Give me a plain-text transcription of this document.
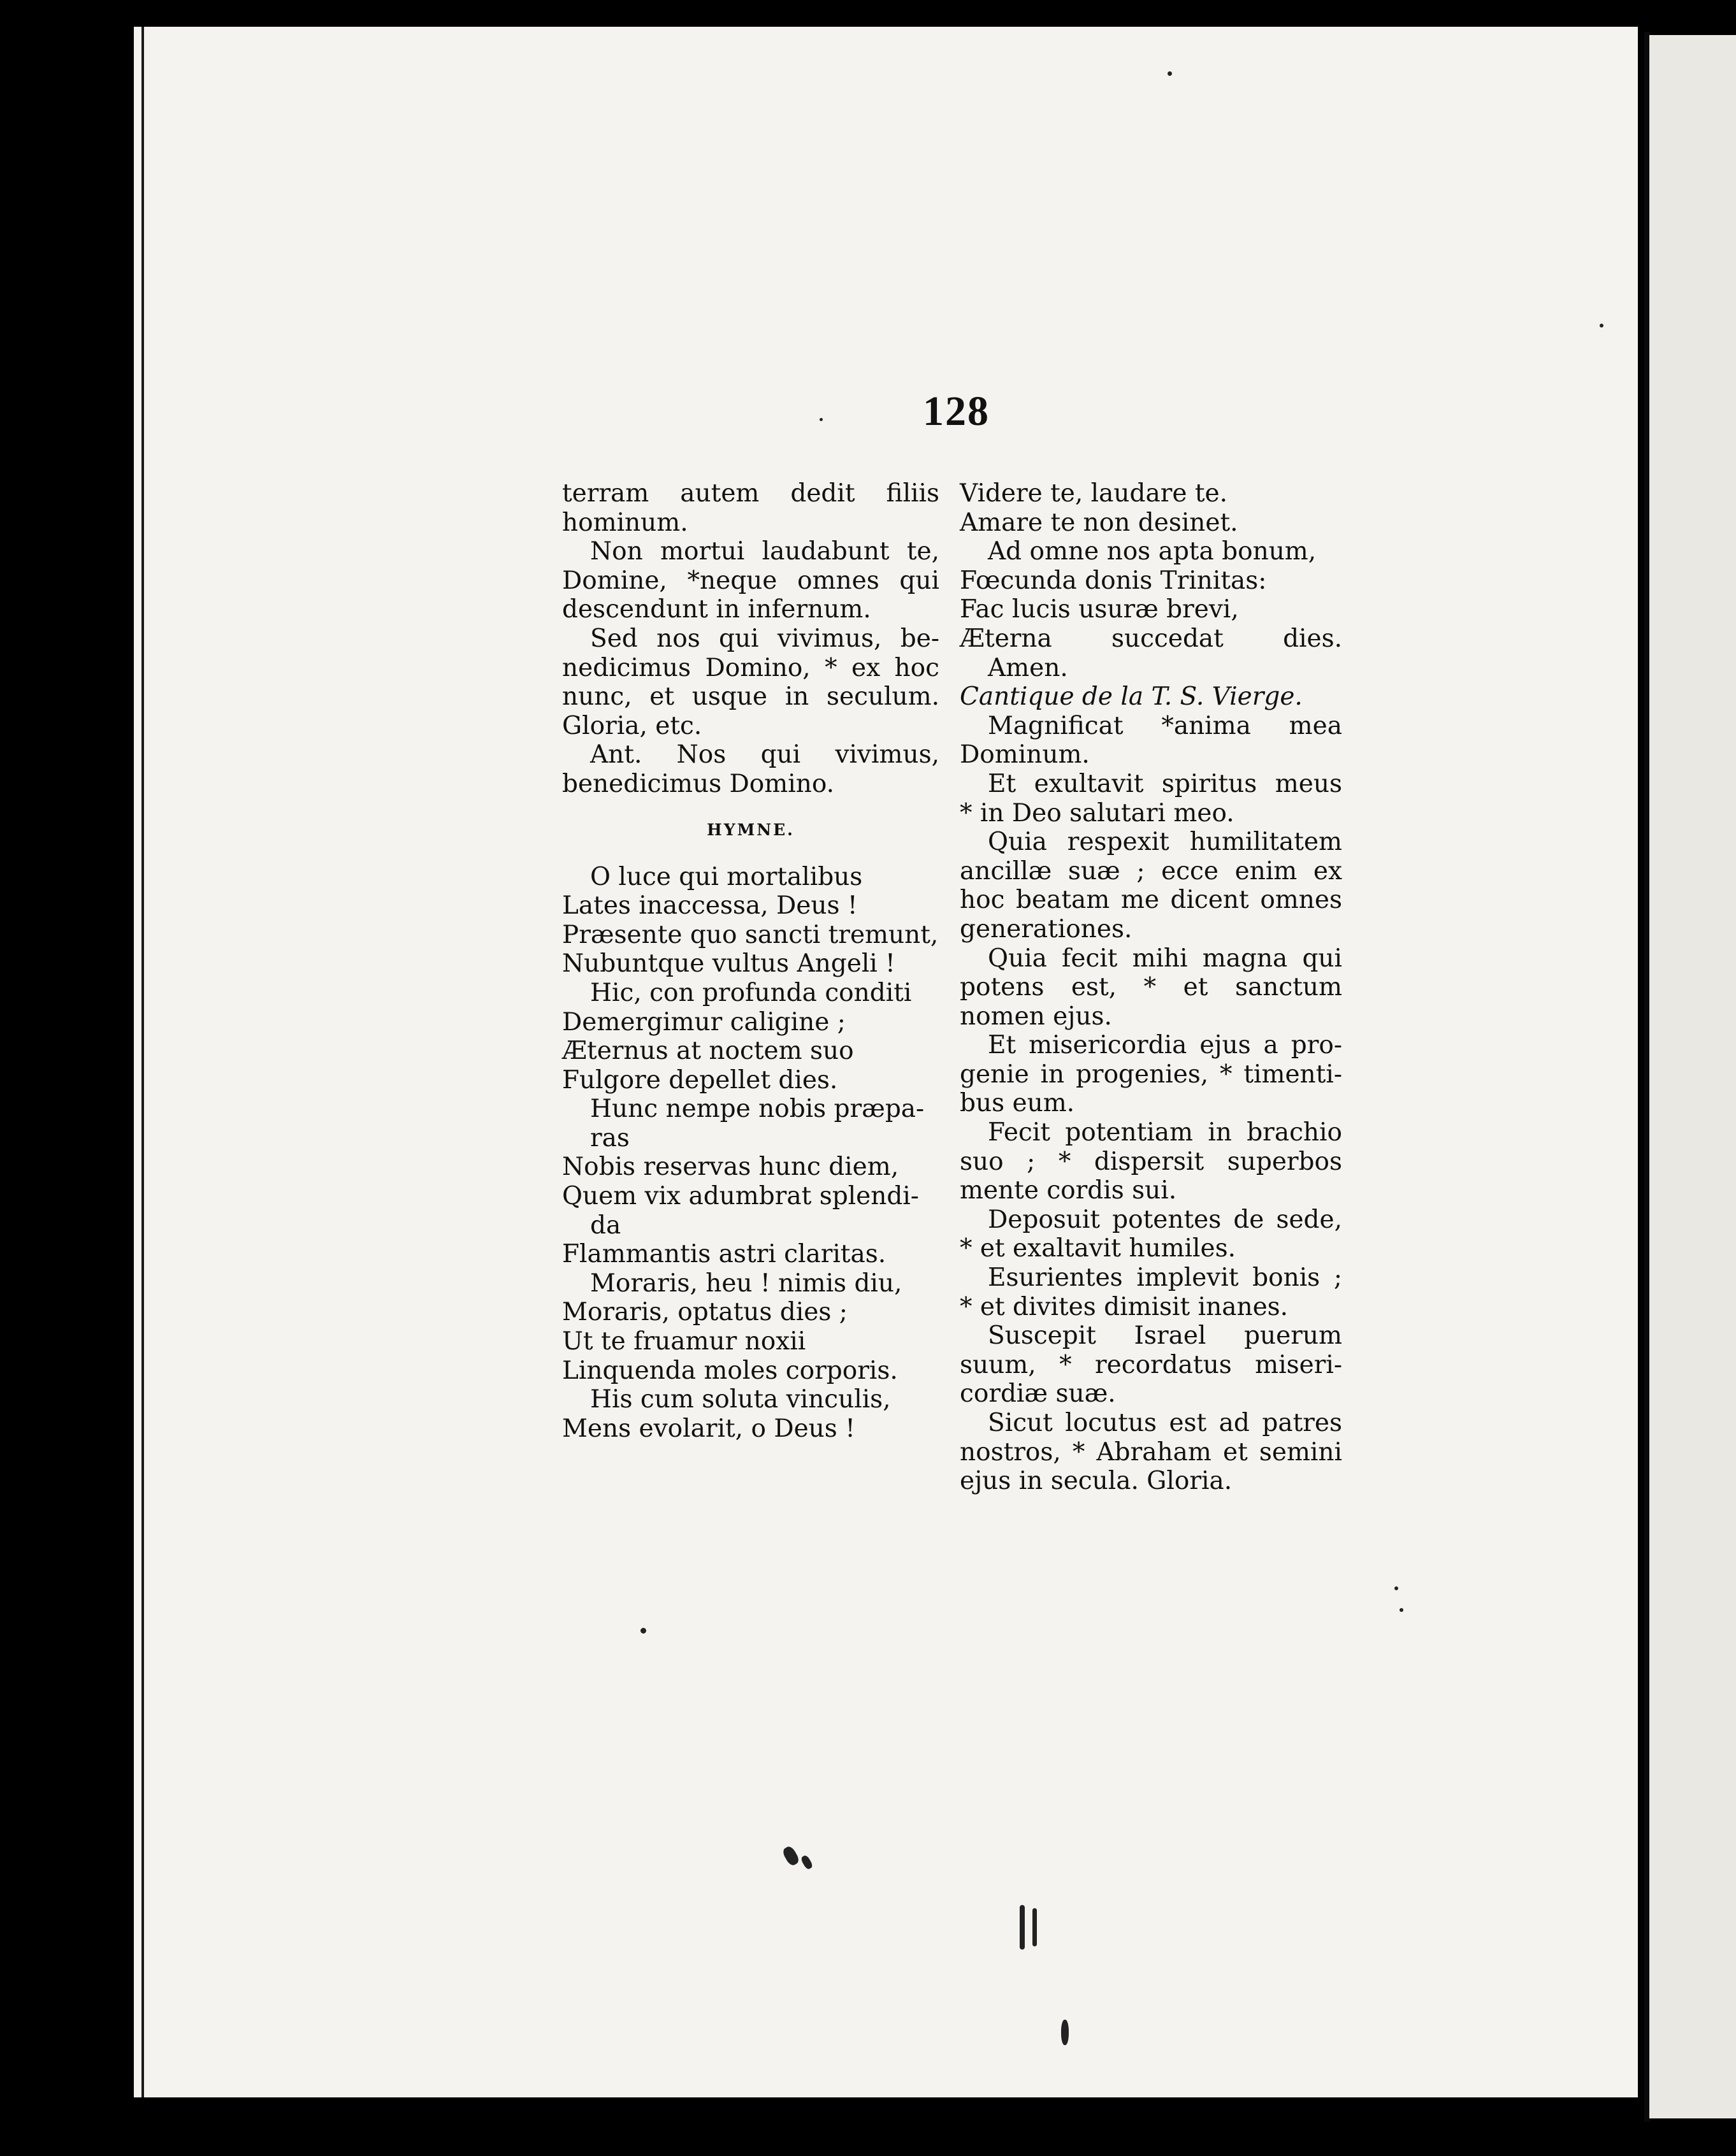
128
terram autem dedit filiis
hominum.
Non mortui laudabunt te,
Domine, *neque omnes qui
descendunt in infernum.
Sed nos qui vivimus, be-
nedicimus Domino, * ex hoc
nunc, et usque in seculum.
Gloria, etc.
Ant. Nos qui vivimus,
benedicimus Domino.
HYMNE.
O luce qui mortalibus
Lates inaccessa, Deus !
Præsente quo sancti tremunt,
Nubuntque vultus Angeli !
Hic, con profunda conditi
Demergimur caligine ;
Æternus at noctem suo
Fulgore depellet dies.
Hunc nempe nobis præpa-
ras
Nobis reservas hunc diem,
Quem vix adumbrat splendi-
da
Flammantis astri claritas.
Moraris, heu ! nimis diu,
Moraris, optatus dies ;
Ut te fruamur noxii
Linquenda moles corporis.
His cum soluta vinculis,
Mens evolarit, o Deus !
Videre te, laudare te.
Amare te non desinet.
Ad omne nos apta bonum,
Fœcunda donis Trinitas:
Fac lucis usuræ brevi,
Æterna succedat dies.
Amen.
Cantique de la T. S. Vierge.
Magnificat *anima mea
Dominum.
Et exultavit spiritus meus
* in Deo salutari meo.
Quia respexit humilitatem
ancillæ suæ ; ecce enim ex
hoc beatam me dicent omnes
generationes.
Quia fecit mihi magna qui
potens est, * et sanctum
nomen ejus.
Et misericordia ejus a pro-
genie in progenies, * timenti-
bus eum.
Fecit potentiam in brachio
suo ; * dispersit superbos
mente cordis sui.
Deposuit potentes de sede,
* et exaltavit humiles.
Esurientes implevit bonis ;
* et divites dimisit inanes.
Suscepit Israel puerum
suum, * recordatus miseri-
cordiæ suæ.
Sicut locutus est ad patres
nostros, * Abraham et semini
ejus in secula. Gloria.
